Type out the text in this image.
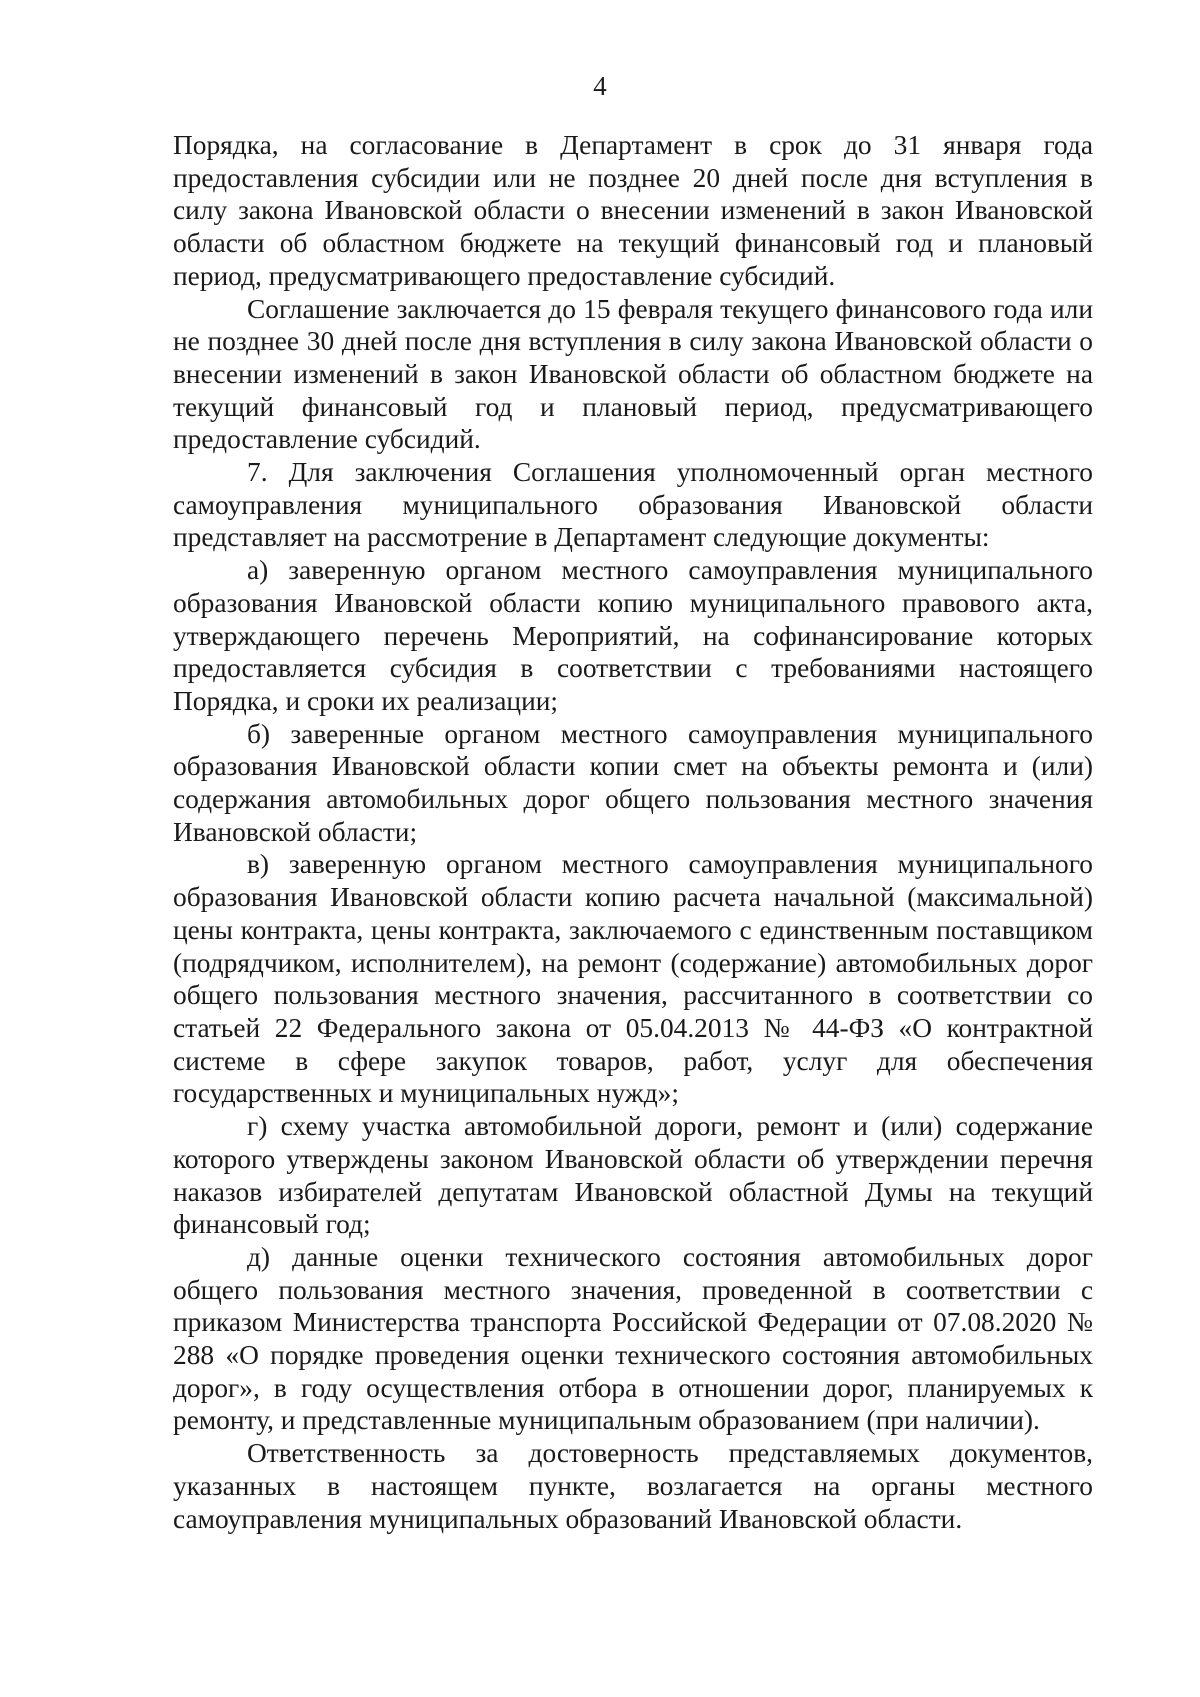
4

Порядка, на согласование в Департамент в срок до 31 января года предоставления субсидии или не позднее 20 дней после дня вступления в силу закона Ивановской области о внесении изменений в закон Ивановской области об областном бюджете на текущий финансовый год и плановый период, предусматривающего предоставление субсидий.

Соглашение заключается до 15 февраля текущего финансового года или не позднее 30 дней после дня вступления в силу закона Ивановской области о внесении изменений в закон Ивановской области об областном бюджете на текущий финансовый год и плановый период, предусматривающего предоставление субсидий.

7. Для заключения Соглашения уполномоченный орган местного самоуправления муниципального образования Ивановской области представляет на рассмотрение в Департамент следующие документы:

а) заверенную органом местного самоуправления муниципального образования Ивановской области копию муниципального правового акта, утверждающего перечень Мероприятий, на софинансирование которых предоставляется субсидия в соответствии с требованиями настоящего Порядка, и сроки их реализации;

б) заверенные органом местного самоуправления муниципального образования Ивановской области копии смет на объекты ремонта и (или) содержания автомобильных дорог общего пользования местного значения Ивановской области;

в) заверенную органом местного самоуправления муниципального образования Ивановской области копию расчета начальной (максимальной) цены контракта, цены контракта, заключаемого с единственным поставщиком (подрядчиком, исполнителем), на ремонт (содержание) автомобильных дорог общего пользования местного значения, рассчитанного в соответствии со статьей 22 Федерального закона от 05.04.2013 № 44-ФЗ «О контрактной системе в сфере закупок товаров, работ, услуг для обеспечения государственных и муниципальных нужд»;

г) схему участка автомобильной дороги, ремонт и (или) содержание которого утверждены законом Ивановской области об утверждении перечня наказов избирателей депутатам Ивановской областной Думы на текущий финансовый год;

д) данные оценки технического состояния автомобильных дорог общего пользования местного значения, проведенной в соответствии с приказом Министерства транспорта Российской Федерации от 07.08.2020 № 288 «О порядке проведения оценки технического состояния автомобильных дорог», в году осуществления отбора в отношении дорог, планируемых к ремонту, и представленные муниципальным образованием (при наличии).

Ответственность за достоверность представляемых документов, указанных в настоящем пункте, возлагается на органы местного самоуправления муниципальных образований Ивановской области.
